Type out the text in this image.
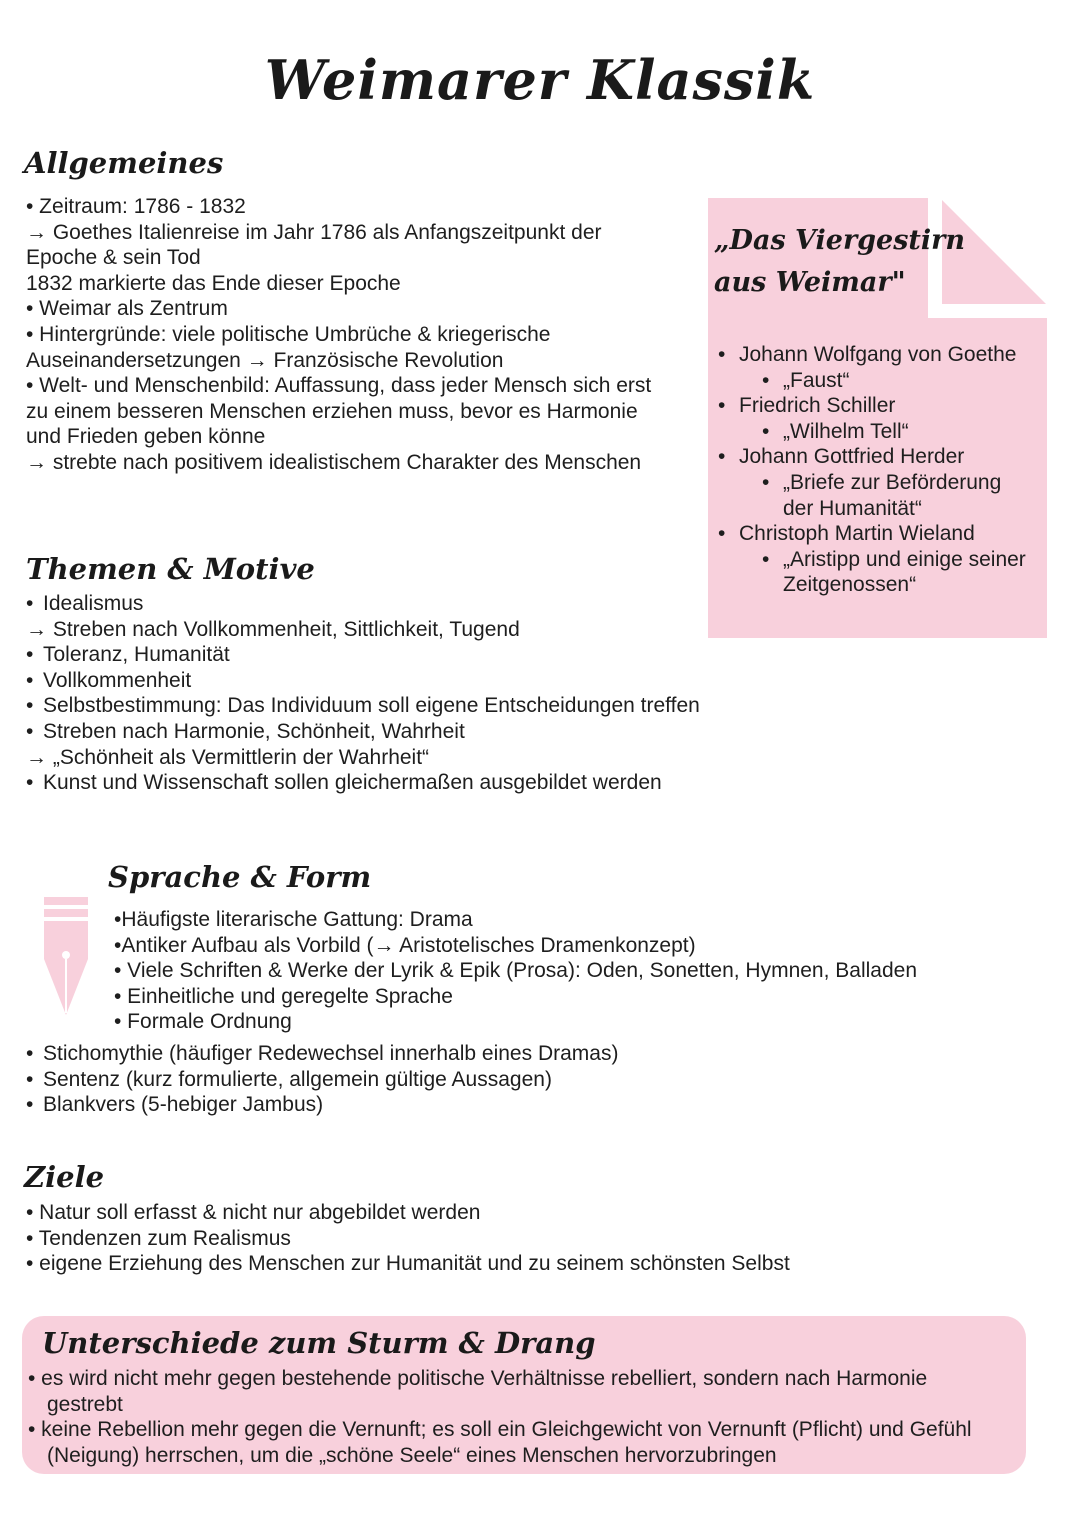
Weimarer Klassik
Allgemeines

• Zeitraum: 1786 - 1832

→ Goethes Italienreise im Jahr 1786 als Anfangszeitpunkt der

Epoche & sein Tod

1832 markierte das Ende dieser Epoche

• Weimar als Zentrum

• Hintergründe: viele politische Umbrüche & kriegerische

Auseinandersetzungen → Französische Revolution

• Welt- und Menschenbild: Auffassung, dass jeder Mensch sich erst

zu einem besseren Menschen erziehen muss, bevor es Harmonie

und Frieden geben könne

→ strebte nach positivem idealistischem Charakter des Menschen

„Das Viergestirn
aus Weimar"

• Johann Wolfgang von Goethe

• „Faust“

• Friedrich Schiller

• „Wilhelm Tell“

• Johann Gottfried Herder

• „Briefe zur Beförderung

der Humanität“

• Christoph Martin Wieland

• „Aristipp und einige seiner

Zeitgenossen“

Themen & Motive

• Idealismus

→ Streben nach Vollkommenheit, Sittlichkeit, Tugend

• Toleranz, Humanität

• Vollkommenheit

• Selbstbestimmung: Das Individuum soll eigene Entscheidungen treffen

• Streben nach Harmonie, Schönheit, Wahrheit

→ „Schönheit als Vermittlerin der Wahrheit“

• Kunst und Wissenschaft sollen gleichermaßen ausgebildet werden

Sprache & Form

•Häufigste literarische Gattung: Drama

•Antiker Aufbau als Vorbild (→ Aristotelisches Dramenkonzept)

• Viele Schriften & Werke der Lyrik & Epik (Prosa): Oden, Sonetten, Hymnen, Balladen

• Einheitliche und geregelte Sprache

• Formale Ordnung

• Stichomythie (häufiger Redewechsel innerhalb eines Dramas)

• Sentenz (kurz formulierte, allgemein gültige Aussagen)

• Blankvers (5-hebiger Jambus)

Ziele

• Natur soll erfasst & nicht nur abgebildet werden

• Tendenzen zum Realismus

• eigene Erziehung des Menschen zur Humanität und zu seinem schönsten Selbst

Unterschiede zum Sturm & Drang

• es wird nicht mehr gegen bestehende politische Verhältnisse rebelliert, sondern nach Harmonie

gestrebt

• keine Rebellion mehr gegen die Vernunft; es soll ein Gleichgewicht von Vernunft (Pflicht) und Gefühl

(Neigung) herrschen, um die „schöne Seele“ eines Menschen hervorzubringen
